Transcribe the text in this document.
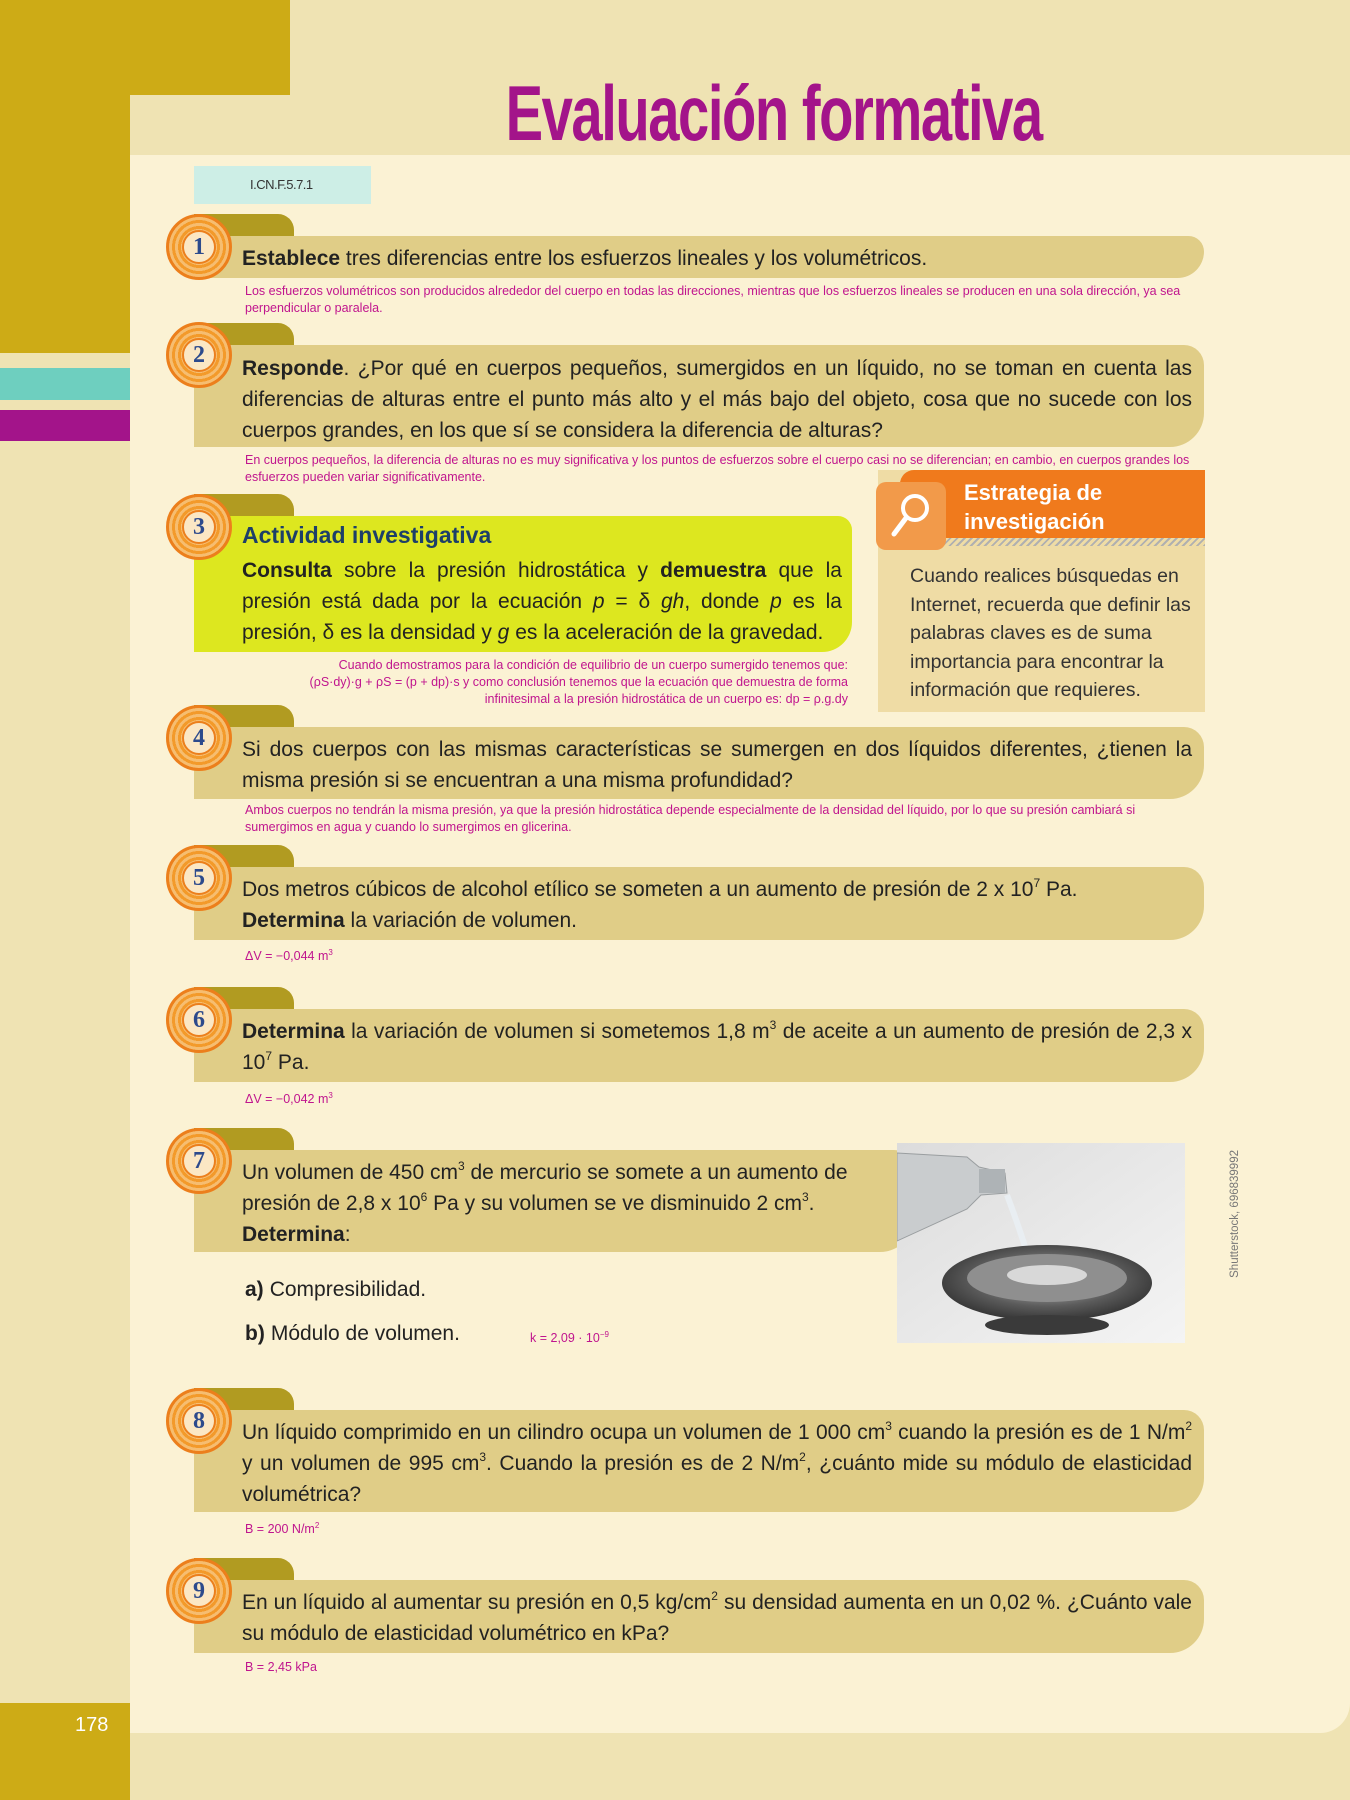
178
Evaluación formativa
I.CN.F.5.7.1
1	Establece tres diferencias entre los esfuerzos lineales y los volumétricos.
Los esfuerzos volumétricos son producidos alrededor del cuerpo en todas las direcciones, mientras que los esfuerzos lineales se producen en una sola dirección, ya sea perpendicular o paralela.
2
Responde. ¿Por qué en cuerpos pequeños, sumergidos en un líquido, no se toman en cuenta las diferencias de alturas entre el punto más alto y el más bajo del objeto, cosa que no sucede con los cuerpos grandes, en los que sí se considera la diferencia de alturas?
En cuerpos pequeños, la diferencia de alturas no es muy significativa y los puntos de esfuerzos sobre el cuerpo casi no se diferencian; en cambio, en cuerpos grandes los esfuerzos pueden variar significativamente.
3	Actividad investigativa
Consulta sobre la presión hidrostática y demuestra que la presión está dada por la ecuación p = δ gh, donde p es la presión, δ es la densidad y g es la aceleración de la gravedad.
Cuando demostramos para la condición de equilibrio de un cuerpo sumergido tenemos que:
(ρS·dy)·g + ρS = (p + dp)·s y como conclusión tenemos que la ecuación que demuestra de forma
infinitesimal a la presión hidrostática de un cuerpo es: dp = ρ.g.dy
Estrategia de investigación
Cuando realices búsquedas en Internet, recuerda que definir las palabras claves es de suma importancia para encontrar la información que requieres.
4	Si dos cuerpos con las mismas características se sumergen en dos líquidos diferentes, ¿tienen la misma presión si se encuentran a una misma profundidad?
Ambos cuerpos no tendrán la misma presión, ya que la presión hidrostática depende especialmente de la densidad del líquido, por lo que su presión cambiará si sumergimos en agua y cuando lo sumergimos en glicerina.
5	Dos metros cúbicos de alcohol etílico se someten a un aumento de presión de 2 x $10^7$ Pa.
Determina la variación de volumen.
ΔV = −0,044 $m^3$
6	Determina la variación de volumen si sometemos 1,8 $m^3$ de aceite a un aumento de presión de 2,3 x $10^7$ Pa.
ΔV = −0,042 $m^3$
7	Un volumen de 450 $cm^3$ de mercurio se somete a un aumento de presión de 2,8 x $10^6$ Pa y su volumen se ve disminuido 2 $cm^3$.
Determina:
a) Compresibilidad.
b) Módulo de volumen.	$k = 2,09 \cdot 10^{-9}$
Shutterstock, 696839992
8	Un líquido comprimido en un cilindro ocupa un volumen de 1 000 $cm^3$ cuando la presión es de 1 $N/m^2$ y un volumen de 995 $cm^3$. Cuando la presión es de 2 $N/m^2$, ¿cuánto mide su módulo de elasticidad volumétrica?
B = 200 $N/m^2$
9	En un líquido al aumentar su presión en 0,5 $kg/cm^2$ su densidad aumenta en un 0,02 %. ¿Cuánto vale su módulo de elasticidad volumétrico en kPa?
B = 2,45 kPa
